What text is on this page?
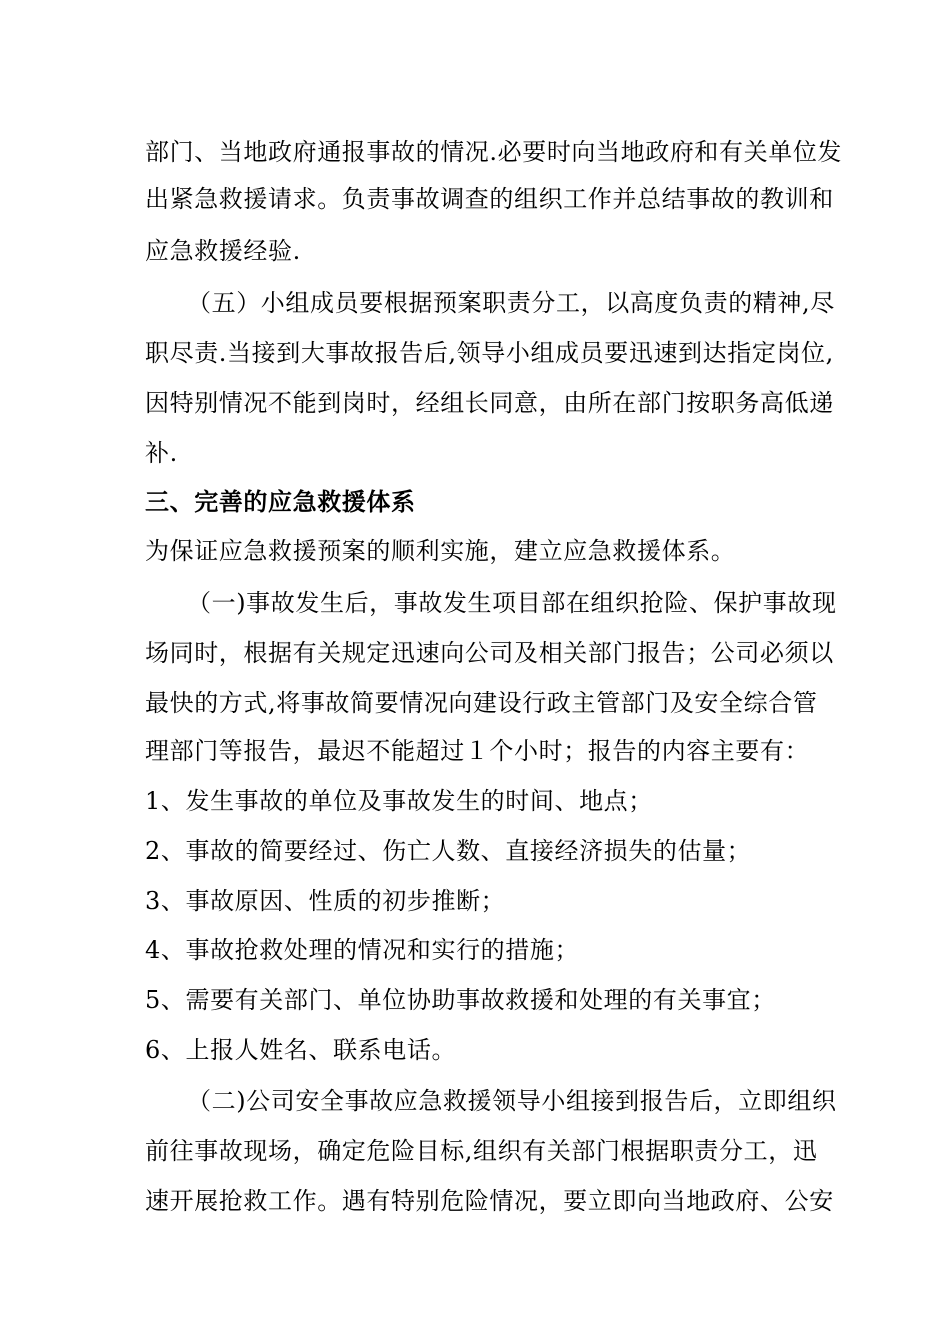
部门、当地政府通报事故的情况.必要时向当地政府和有关单位发
出紧急救援请求。负责事故调查的组织工作并总结事故的教训和
应急救援经验.
（五）小组成员要根据预案职责分工，以高度负责的精神,尽
职尽责.当接到大事故报告后,领导小组成员要迅速到达指定岗位,
因特别情况不能到岗时，经组长同意，由所在部门按职务高低递
补.
三、完善的应急救援体系
为保证应急救援预案的顺利实施，建立应急救援体系。
（一)事故发生后，事故发生项目部在组织抢险、保护事故现
场同时，根据有关规定迅速向公司及相关部门报告；公司必须以
最快的方式,将事故简要情况向建设行政主管部门及安全综合管
理部门等报告，最迟不能超过１个小时；报告的内容主要有：
1、发生事故的单位及事故发生的时间、地点；
2、事故的简要经过、伤亡人数、直接经济损失的估量；
3、事故原因、性质的初步推断；
4、事故抢救处理的情况和实行的措施；
5、需要有关部门、单位协助事故救援和处理的有关事宜；
6、上报人姓名、联系电话。
（二)公司安全事故应急救援领导小组接到报告后，立即组织
前往事故现场，确定危险目标,组织有关部门根据职责分工，迅
速开展抢救工作。遇有特别危险情况，要立即向当地政府、公安
